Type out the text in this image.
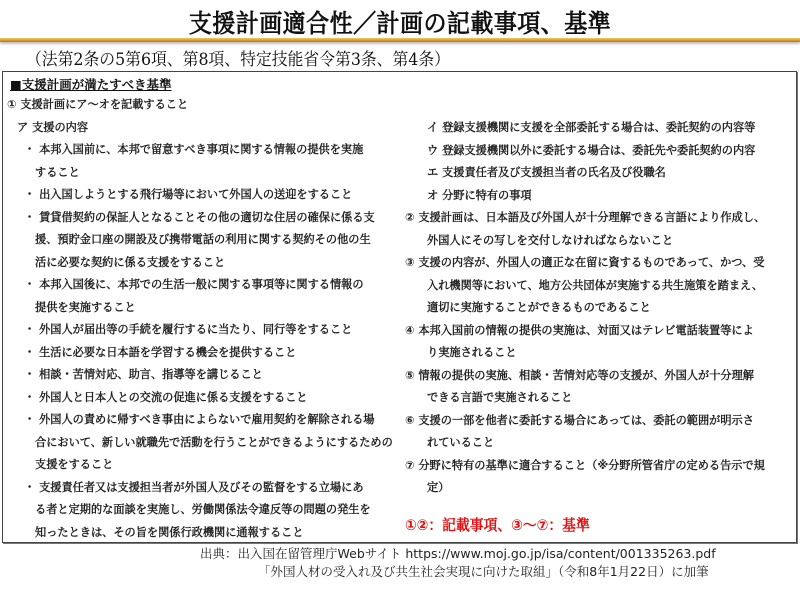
支援計画適合性／計画の記載事項、基準
（法第2条の5第6項、第8項、特定技能省令第3条、第4条）
■支援計画が満たすべき基準
① 支援計画にア～オを記載すること
ア 支援の内容
・ 本邦入国前に、本邦で留意すべき事項に関する情報の提供を実施
すること
・ 出入国しようとする飛行場等において外国人の送迎をすること
・ 賃貸借契約の保証人となることその他の適切な住居の確保に係る支
援、預貯金口座の開設及び携帯電話の利用に関する契約その他の生
活に必要な契約に係る支援をすること
・ 本邦入国後に、本邦での生活一般に関する事項等に関する情報の
提供を実施すること
・ 外国人が届出等の手続を履行するに当たり、同行等をすること
・ 生活に必要な日本語を学習する機会を提供すること
・ 相談・苦情対応、助言、指導等を講じること
・ 外国人と日本人との交流の促進に係る支援をすること
・ 外国人の責めに帰すべき事由によらないで雇用契約を解除される場
合において、新しい就職先で活動を行うことができるようにするための
支援をすること
・ 支援責任者又は支援担当者が外国人及びその監督をする立場にあ
る者と定期的な面談を実施し、労働関係法令違反等の問題の発生を
知ったときは、その旨を関係行政機関に通報すること
イ 登録支援機関に支援を全部委託する場合は、委託契約の内容等
ウ 登録支援機関以外に委託する場合は、委託先や委託契約の内容
エ 支援責任者及び支援担当者の氏名及び役職名
オ 分野に特有の事項
② 支援計画は、日本語及び外国人が十分理解できる言語により作成し、
外国人にその写しを交付しなければならないこと
③ 支援の内容が、外国人の適正な在留に資するものであって、かつ、受
入れ機関等において、地方公共団体が実施する共生施策を踏まえ、
適切に実施することができるものであること
④ 本邦入国前の情報の提供の実施は、対面又はテレビ電話装置等によ
り実施されること
⑤ 情報の提供の実施、相談・苦情対応等の支援が、外国人が十分理解
できる言語で実施されること
⑥ 支援の一部を他者に委託する場合にあっては、委託の範囲が明示さ
れていること
⑦ 分野に特有の基準に適合すること（※分野所管省庁の定める告示で規
定）
①②：記載事項、③～⑦：基準
出典：出入国在留管理庁Webサイト https://www.moj.go.jp/isa/content/001335263.pdf
「外国人材の受入れ及び共生社会実現に向けた取組」（令和8年1月22日）に加筆
